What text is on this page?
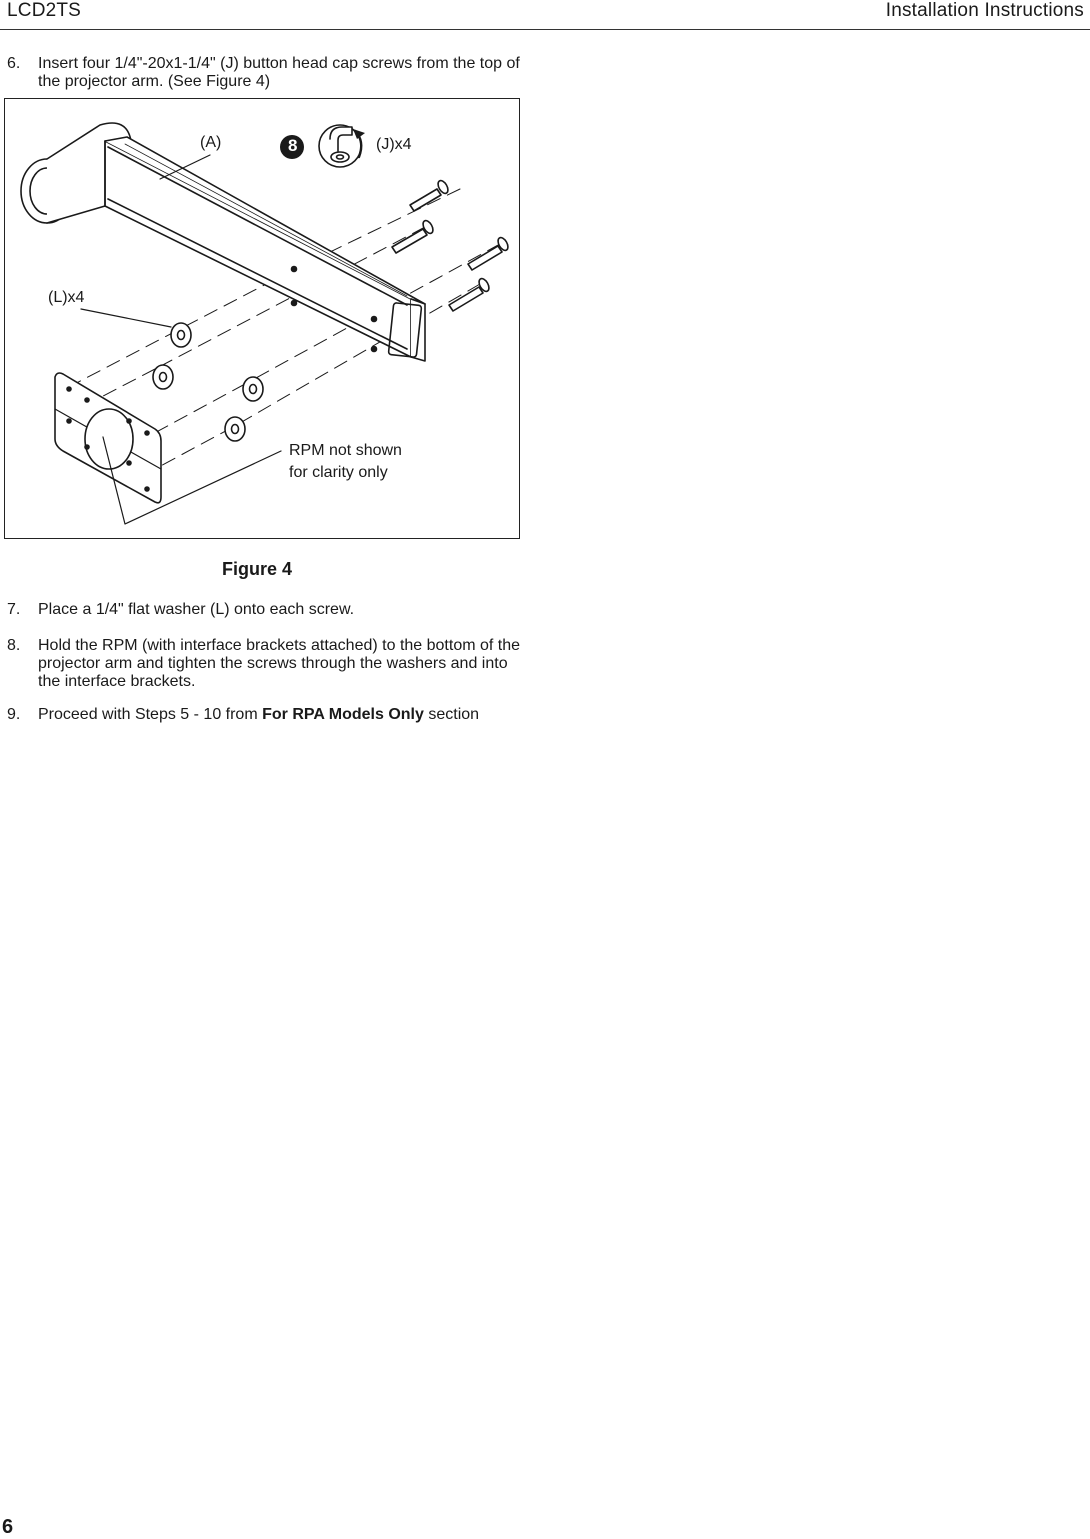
LCD2TS	Installation Instructions
6. Insert four 1/4"-20x1-1/4" (J) button head cap screws from the top of the projector arm. (See Figure 4)
(A)	(J)x4
(L)x4
RPM not shown
for clarity only
Figure 4
7. Place a 1/4" flat washer (L) onto each screw.
8. Hold the RPM (with interface brackets attached) to the bottom of the projector arm and tighten the screws through the washers and into the interface brackets.
9. Proceed with Steps 5 - 10 from For RPA Models Only section
6
